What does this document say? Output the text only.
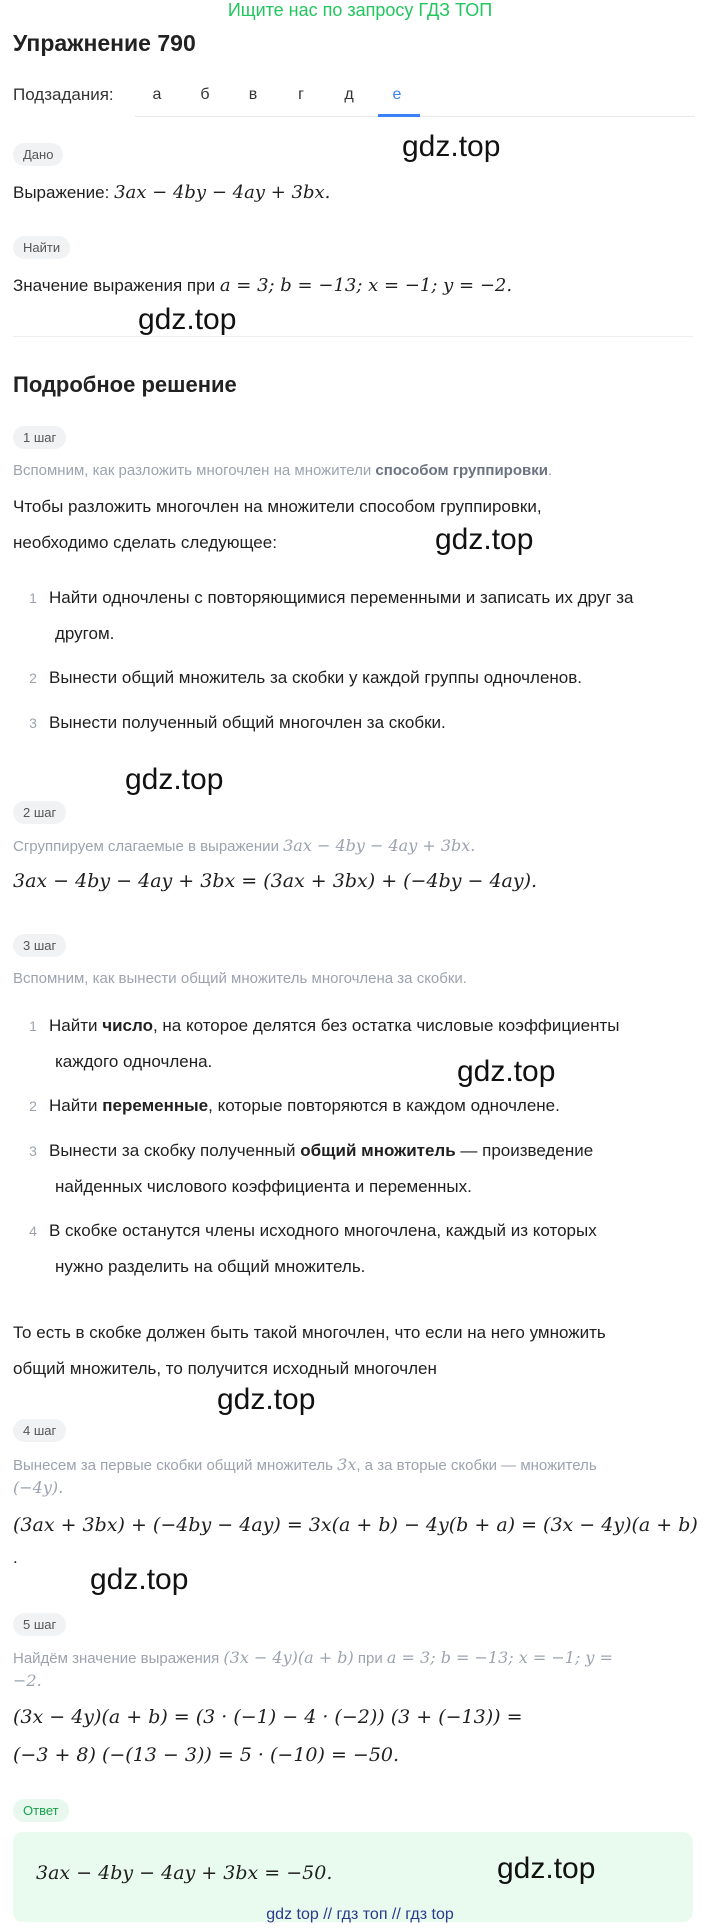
Ищите нас по запросу ГДЗ ТОП
Упражнение 790
Подзадания:	а	б	в	г	д	е
Дано
Выражение: 3ax − 4by − 4ay + 3bx.
Найти
Значение выражения при a = 3; b = −13; x = −1; y = −2.
Подробное решение
1 шаг
Вспомним, как разложить многочлен на множители способом группировки.
Чтобы разложить многочлен на множители способом группировки,
необходимо сделать следующее:
1 Найти одночлены с повторяющимися переменными и записать их друг за
другом.
2 Вынести общий множитель за скобки у каждой группы одночленов.
3 Вынести полученный общий многочлен за скобки.
2 шаг
Сгруппируем слагаемые в выражении 3ax − 4by − 4ay + 3bx.
3ax − 4by − 4ay + 3bx = (3ax + 3bx) + (−4by − 4ay).
3 шаг
Вспомним, как вынести общий множитель многочлена за скобки.
1 Найти число, на которое делятся без остатка числовые коэффициенты
каждого одночлена.
2 Найти переменные, которые повторяются в каждом одночлене.
3 Вынести за скобку полученный общий множитель — произведение
найденных числового коэффициента и переменных.
4 В скобке останутся члены исходного многочлена, каждый из которых
нужно разделить на общий множитель.
То есть в скобке должен быть такой многочлен, что если на него умножить
общий множитель, то получится исходный многочлен
4 шаг
Вынесем за первые скобки общий множитель 3x, а за вторые скобки — множитель
(−4y).
(3ax + 3bx) + (−4by − 4ay) = 3x(a + b) − 4y(b + a) = (3x − 4y)(a + b)
.
5 шаг
Найдём значение выражения (3x − 4y)(a + b) при a = 3; b = −13; x = −1; y =
−2.
(3x − 4y)(a + b) = (3 · (−1) − 4 · (−2)) (3 + (−13)) =
(−3 + 8) (−(13 − 3)) = 5 · (−10) = −50.
Ответ
3ax − 4by − 4ay + 3bx = −50.
gdz.top
gdz.top
gdz.top
gdz.top
gdz.top
gdz.top
gdz.top
gdz.top
gdz top // гдз топ // гдз top
